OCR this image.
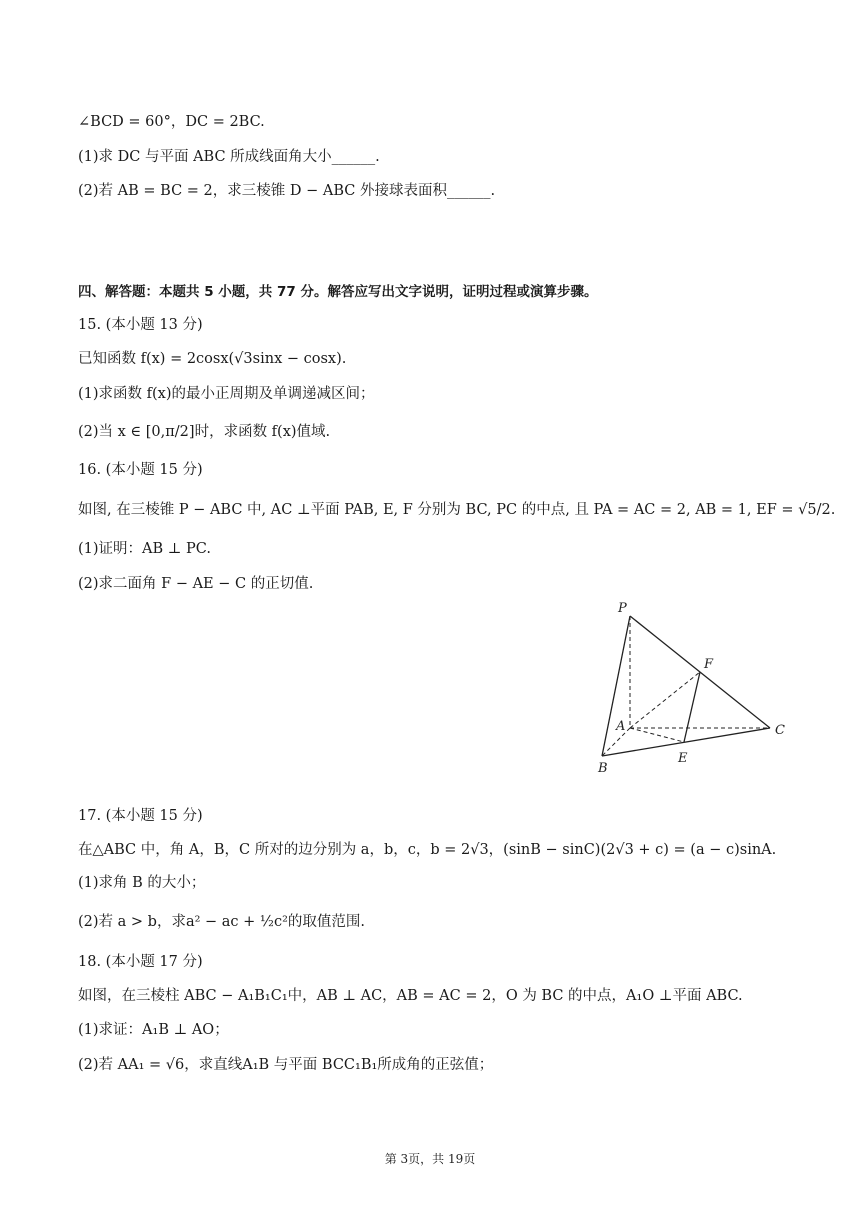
∠BCD = 60°，DC = 2BC.
(1)求 DC 与平面 ABC 所成线面角大小______.
(2)若 AB = BC = 2，求三棱锥 D − ABC 外接球表面积______.
四、解答题：本题共 5 小题，共 77 分。解答应写出文字说明，证明过程或演算步骤。
15. (本小题 13 分)
已知函数 f(x) = 2cosx(√3sinx − cosx).
(1)求函数 f(x)的最小正周期及单调递减区间；
(2)当 x ∈ [0,π/2]时，求函数 f(x)值域.
16. (本小题 15 分)
如图, 在三棱锥 P − ABC 中, AC ⊥平面 PAB, E, F 分别为 BC, PC 的中点, 且 PA = AC = 2, AB = 1, EF = √5/2.
(1)证明：AB ⊥ PC.
(2)求二面角 F − AE − C 的正切值.
P
F
A	C
B
E
17. (本小题 15 分)
在△ABC 中，角 A，B，C 所对的边分别为 a，b，c，b = 2√3，(sinB − sinC)(2√3 + c) = (a − c)sinA.
(1)求角 B 的大小；
(2)若 a > b，求a² − ac + ½c²的取值范围.
18. (本小题 17 分)
如图，在三棱柱 ABC − A₁B₁C₁中，AB ⊥ AC，AB = AC = 2，O 为 BC 的中点，A₁O ⊥平面 ABC.
(1)求证：A₁B ⊥ AO；
(2)若 AA₁ = √6，求直线A₁B 与平面 BCC₁B₁所成角的正弦值；
第 3页，共 19页
